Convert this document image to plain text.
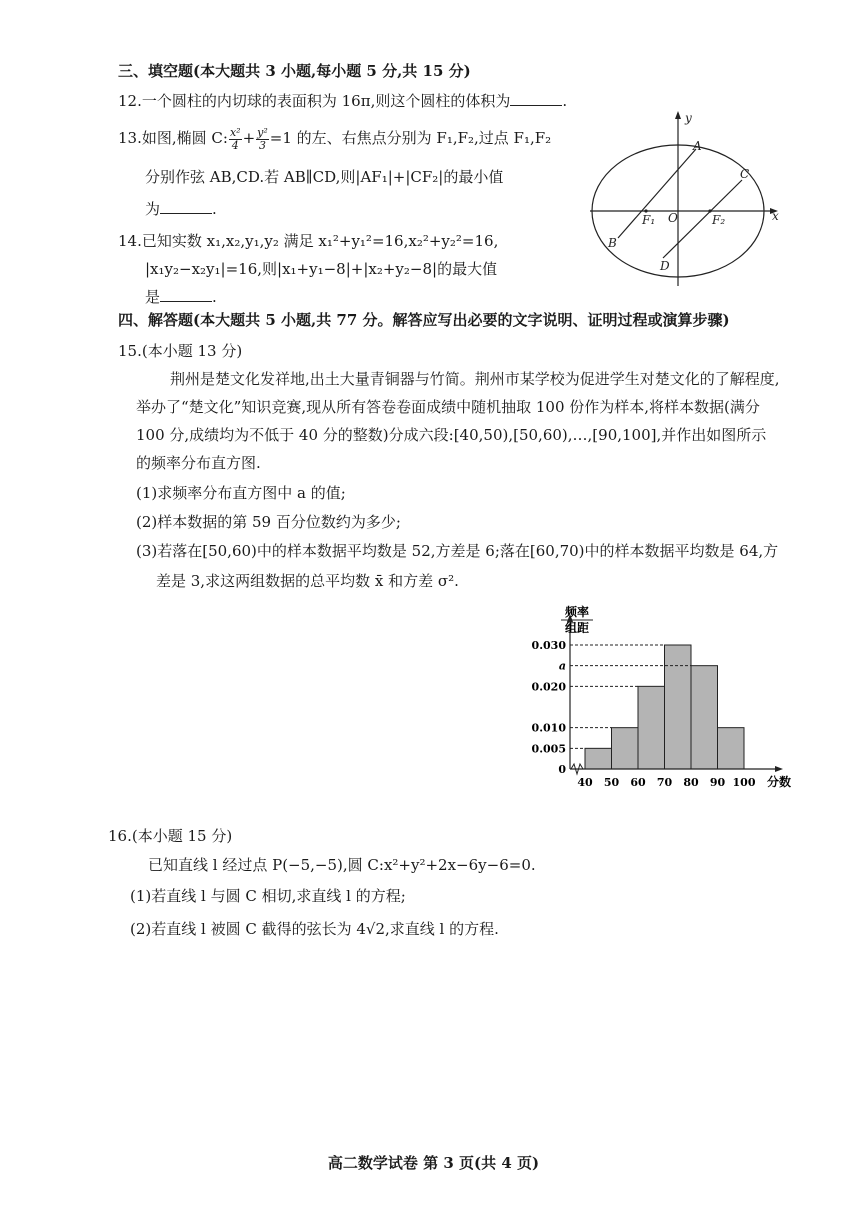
三、填空题(本大题共 3 小题,每小题 5 分,共 15 分)
12.一个圆柱的内切球的表面积为 16π,则这个圆柱的体积为	.
13.如图,椭圆 C: $\frac{\text{x²}}{4} + \frac{\text{y²}}{3} =1$ 的左、右焦点分别为 F₁,F₂,过点 F₁,F₂
分别作弦 AB,CD.若 AB∥CD,则|AF₁|+|CF₂|的最小值
为	.
14.已知实数 x₁,x₂,y₁,y₂ 满足 x₁²+y₁²=16,x₂²+y₂²=16,
|x₁y₂−x₂y₁|=16,则|x₁+y₁−8|+|x₂+y₂−8|的最大值
是	.
y
x
O
F₁	F₂
A
B
C
D
四、解答题(本大题共 5 小题,共 77 分。解答应写出必要的文字说明、证明过程或演算步骤)
15.(本小题 13 分)
荆州是楚文化发祥地,出土大量青铜器与竹简。荆州市某学校为促进学生对楚文化的了解程度,
举办了“楚文化”知识竞赛,现从所有答卷卷面成绩中随机抽取 100 份作为样本,将样本数据(满分
100 分,成绩均为不低于 40 分的整数)分成六段:[40,50),[50,60),…,[90,100],并作出如图所示
的频率分布直方图.
(1)求频率分布直方图中 a 的值;
(2)样本数据的第 59 百分位数约为多少;
(3)若落在[50,60)中的样本数据平均数是 52,方差是 6;落在[60,70)中的样本数据平均数是 64,方
差是 3,求这两组数据的总平均数 x̄ 和方差 σ².
0.030
a
0.020
0.010
0.005
0
40 50 60 70 80 90 100
频率
组距
分数
16.(本小题 15 分)
已知直线 l 经过点 P(−5,−5),圆 C:x²+y²+2x−6y−6=0.
(1)若直线 l 与圆 C 相切,求直线 l 的方程;
(2)若直线 l 被圆 C 截得的弦长为 4√2,求直线 l 的方程.
高二数学试卷 第 3 页(共 4 页)
